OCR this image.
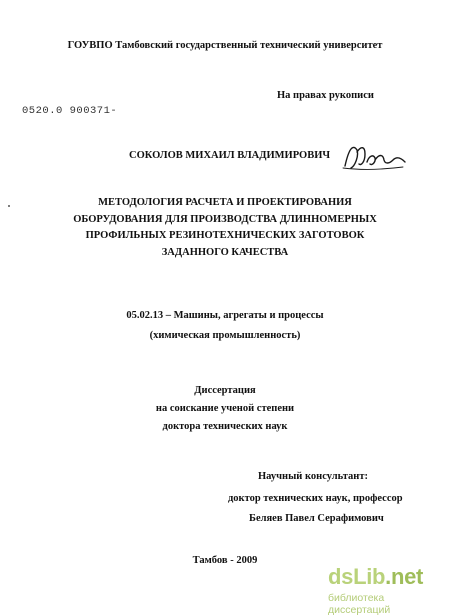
ГОУВПО Тамбовский государственный технический университет
На правах рукописи
0520.0 900371-
СОКОЛОВ МИХАИЛ ВЛАДИМИРОВИЧ
МЕТОДОЛОГИЯ РАСЧЕТА И ПРОЕКТИРОВАНИЯ
ОБОРУДОВАНИЯ ДЛЯ ПРОИЗВОДСТВА ДЛИННОМЕРНЫХ
ПРОФИЛЬНЫХ РЕЗИНОТЕХНИЧЕСКИХ ЗАГОТОВОК
ЗАДАННОГО КАЧЕСТВА
05.02.13 – Машины, агрегаты и процессы
(химическая промышленность)
Диссертация
на соискание ученой степени
доктора технических наук
Научный консультант:
доктор технических наук, профессор
Беляев Павел Серафимович
Тамбов - 2009
dsLib.net
библиотека диссертаций
